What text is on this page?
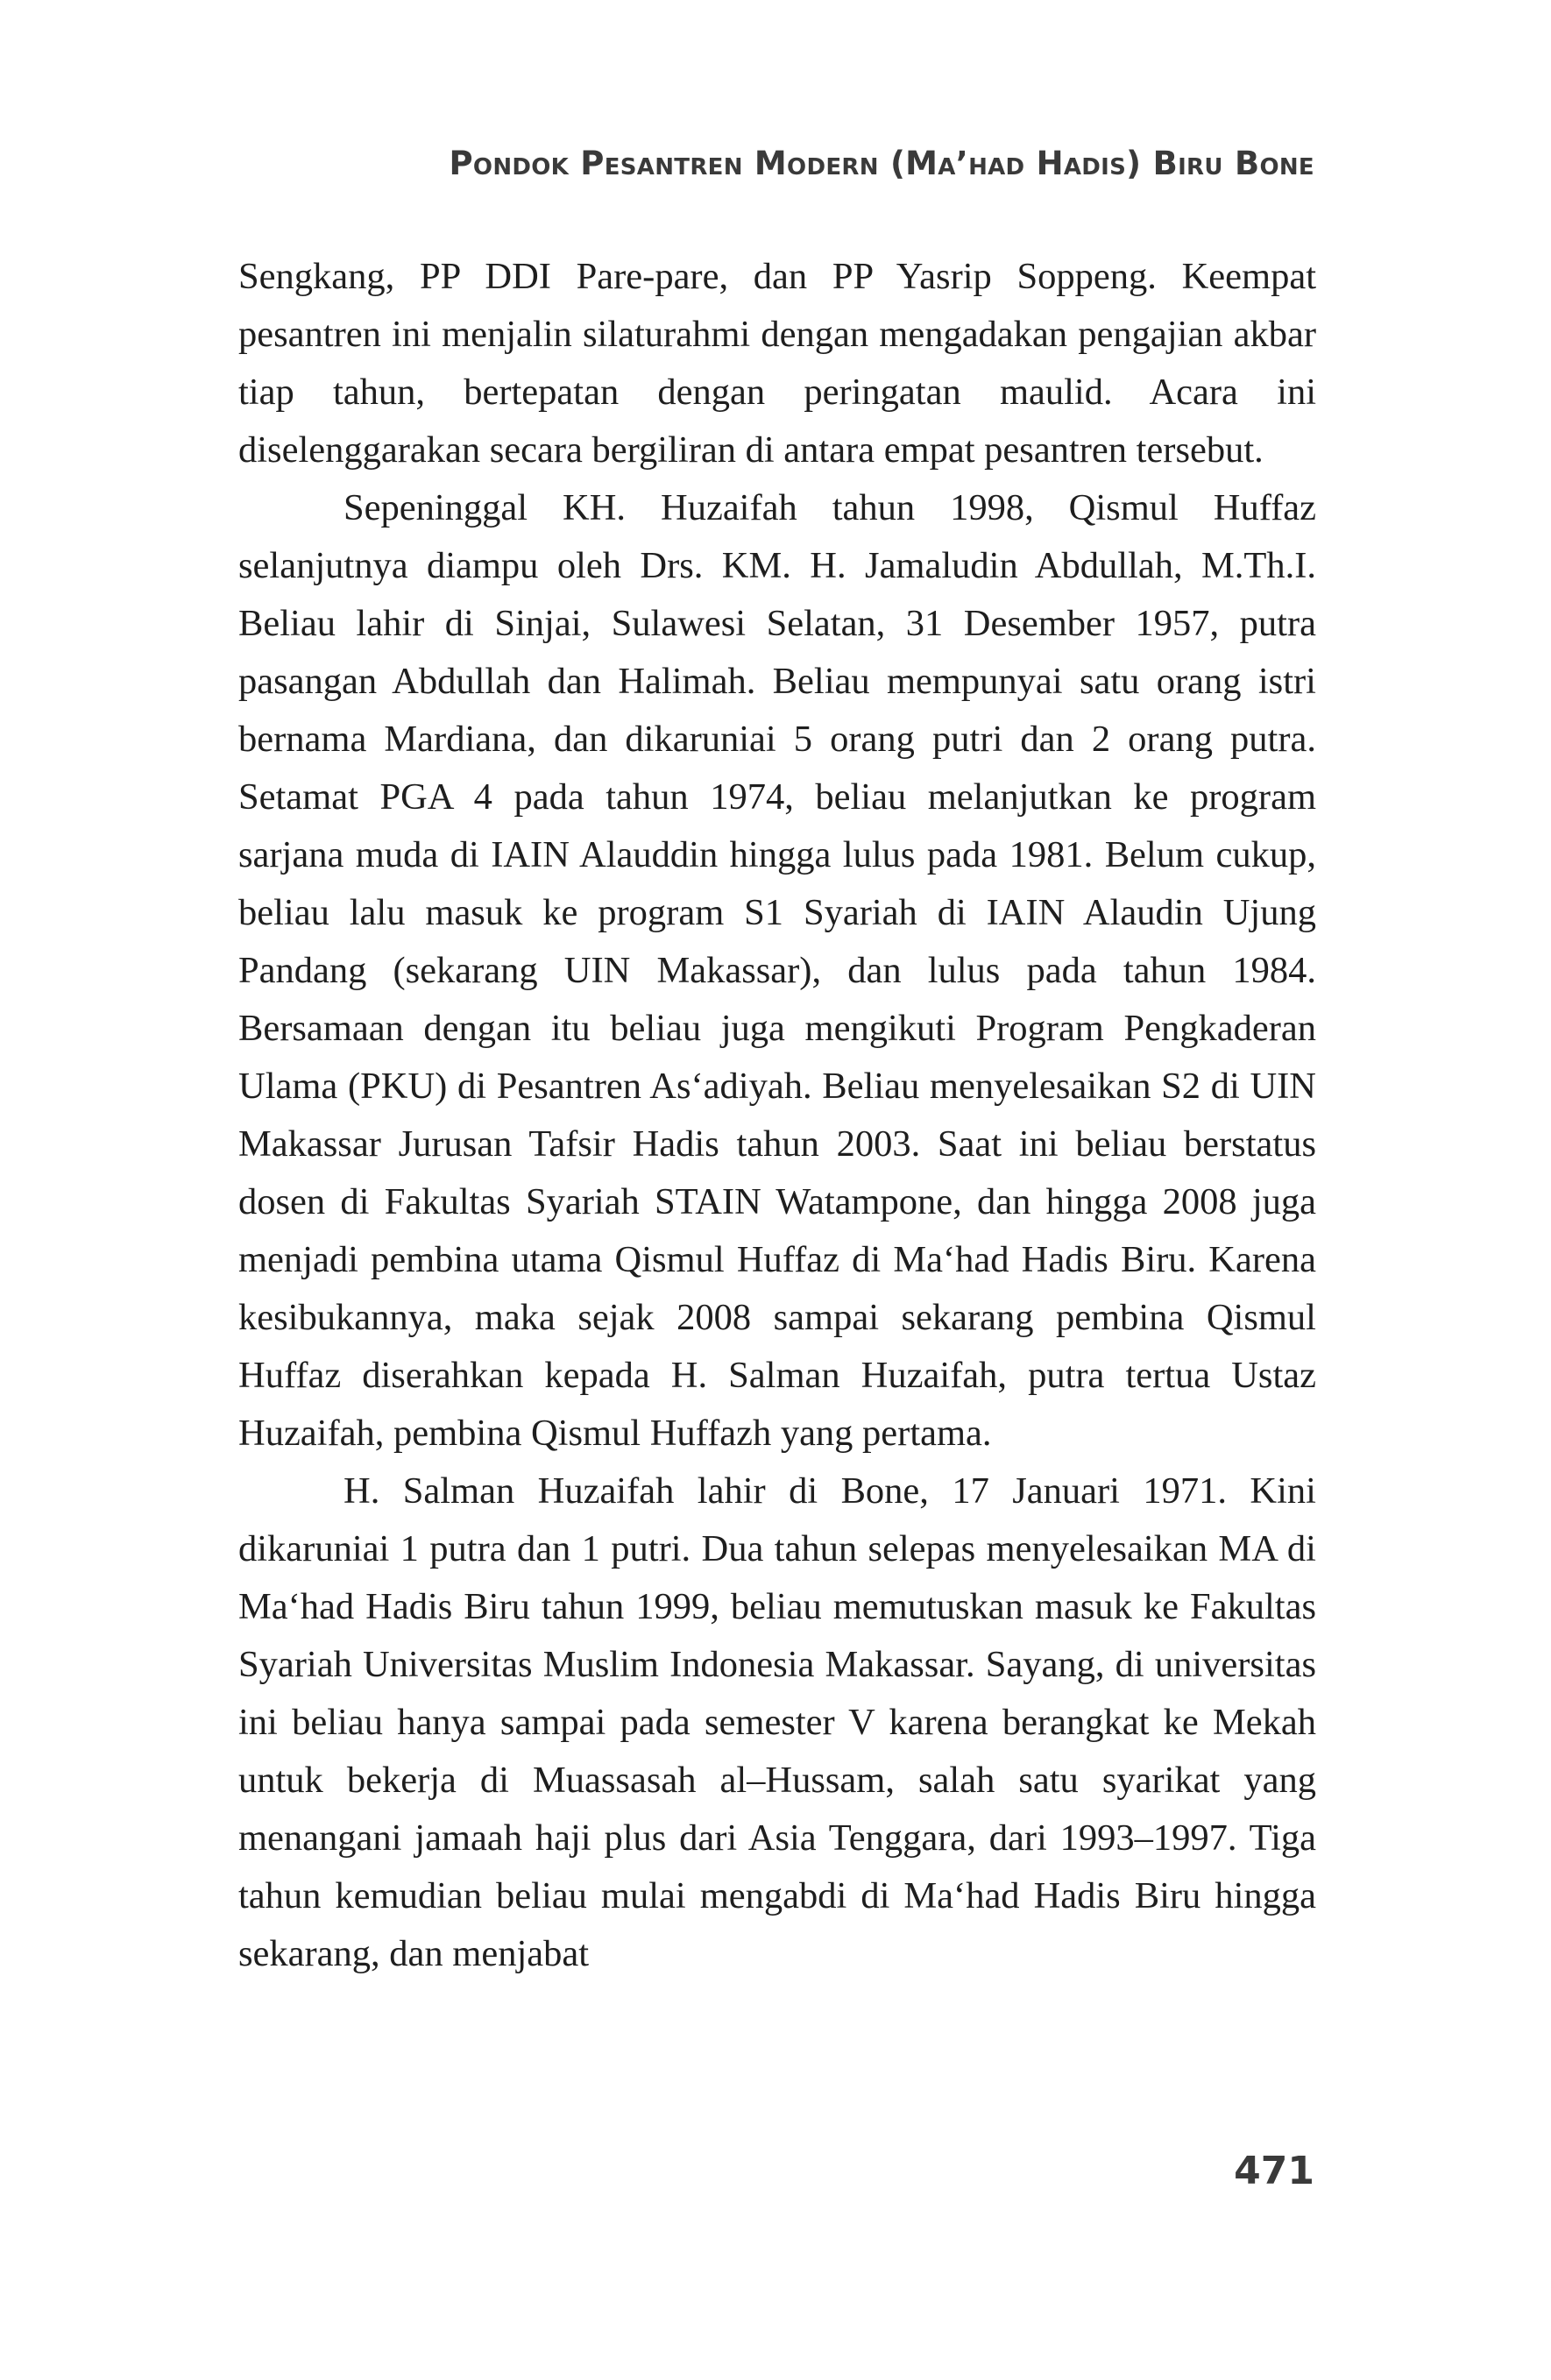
Pondok Pesantren Modern (Ma’had Hadis) Biru Bone

Sengkang, PP DDI Pare-pare, dan PP Yasrip Soppeng. Keempat pesantren ini menjalin silaturahmi dengan mengadakan pengajian akbar tiap tahun, bertepatan dengan peringatan maulid. Acara ini diselenggarakan secara bergiliran di antara empat pesantren tersebut.

Sepeninggal KH. Huzaifah tahun 1998, Qismul Huffaz selanjutnya diampu oleh Drs. KM. H. Jamaludin Abdullah, M.Th.I. Beliau lahir di Sinjai, Sulawesi Selatan, 31 Desember 1957, putra pasangan Abdullah dan Halimah. Beliau mempunyai satu orang istri bernama Mardiana, dan dikaruniai 5 orang putri dan 2 orang putra. Setamat PGA 4 pada tahun 1974, beliau melanjutkan ke program sarjana muda di IAIN Alauddin hingga lulus pada 1981. Belum cukup, beliau lalu masuk ke program S1 Syariah di IAIN Alaudin Ujung Pandang (sekarang UIN Makassar), dan lulus pada tahun 1984. Bersamaan dengan itu beliau juga mengikuti Program Pengkaderan Ulama (PKU) di Pesantren As‘adiyah. Beliau menyelesaikan S2 di UIN Makassar Jurusan Tafsir Hadis tahun 2003. Saat ini beliau berstatus dosen di Fakultas Syariah STAIN Watampone, dan hingga 2008 juga menjadi pembina utama Qismul Huffaz di Ma‘had Hadis Biru. Karena kesibukannya, maka sejak 2008 sampai sekarang pembina Qismul Huffaz diserahkan kepada H. Salman Huzaifah, putra tertua Ustaz Huzaifah, pembina Qismul Huffazh yang pertama.

H. Salman Huzaifah lahir di Bone, 17 Januari 1971. Kini dikaruniai 1 putra dan 1 putri. Dua tahun selepas menyelesaikan MA di Ma‘had Hadis Biru tahun 1999, beliau memutuskan masuk ke Fakultas Syariah Universitas Muslim Indonesia Makassar. Sayang, di universitas ini beliau hanya sampai pada semester V karena berangkat ke Mekah untuk bekerja di Muassasah al–Hussam, salah satu syarikat yang menangani jamaah haji plus dari Asia Tenggara, dari 1993–1997. Tiga tahun kemudian beliau mulai mengabdi di Ma‘had Hadis Biru hingga sekarang, dan menjabat

471
